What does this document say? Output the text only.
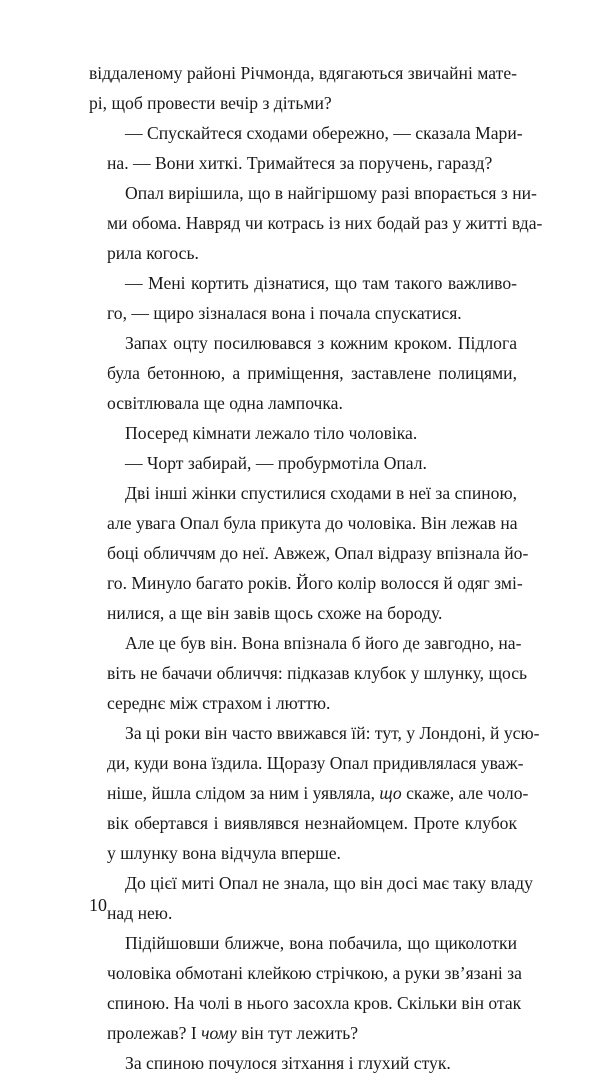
віддаленому районі Річмонда, вдягаються звичайні мате-
рі, щоб провести вечір з дітьми?

— Спускайтеся сходами обережно, — сказала Мари-
на. — Вони хиткі. Тримайтеся за поручень, гаразд?

Опал вирішила, що в найгіршому разі впорається з ни-
ми обома. Навряд чи котрась із них бодай раз у житті вда-
рила когось.

— Мені кортить дізнатися, що там такого важливо-
го, — щиро зізналася вона і почала спускатися.

Запах оцту посилювався з кожним кроком. Підлога
була бетонною, а приміщення, заставлене полицями,
освітлювала ще одна лампочка.

Посеред кімнати лежало тіло чоловіка.

— Чорт забирай, — пробурмотіла Опал.

Дві інші жінки спустилися сходами в неї за спиною,
але увага Опал була прикута до чоловіка. Він лежав на
боці обличчям до неї. Авжеж, Опал відразу впізнала йо-
го. Минуло багато років. Його колір волосся й одяг змі-
нилися, а ще він завів щось схоже на бороду.

Але це був він. Вона впізнала б його де завгодно, на-
віть не бачачи обличчя: підказав клубок у шлунку, щось
середнє між страхом і люттю.

За ці роки він часто ввижався їй: тут, у Лондоні, й усю-
ди, куди вона їздила. Щоразу Опал придивлялася уваж-
ніше, йшла слідом за ним і уявляла, що скаже, але чоло-
вік обертався і виявлявся незнайомцем. Проте клубок
у шлунку вона відчула вперше.

До цієї миті Опал не знала, що він досі має таку владу
над нею.

Підійшовши ближче, вона побачила, що щиколотки
чоловіка обмотані клейкою стрічкою, а руки зв’язані за
спиною. На чолі в нього засохла кров. Скільки він отак
пролежав? І чому він тут лежить?

За спиною почулося зітхання і глухий стук.

10
